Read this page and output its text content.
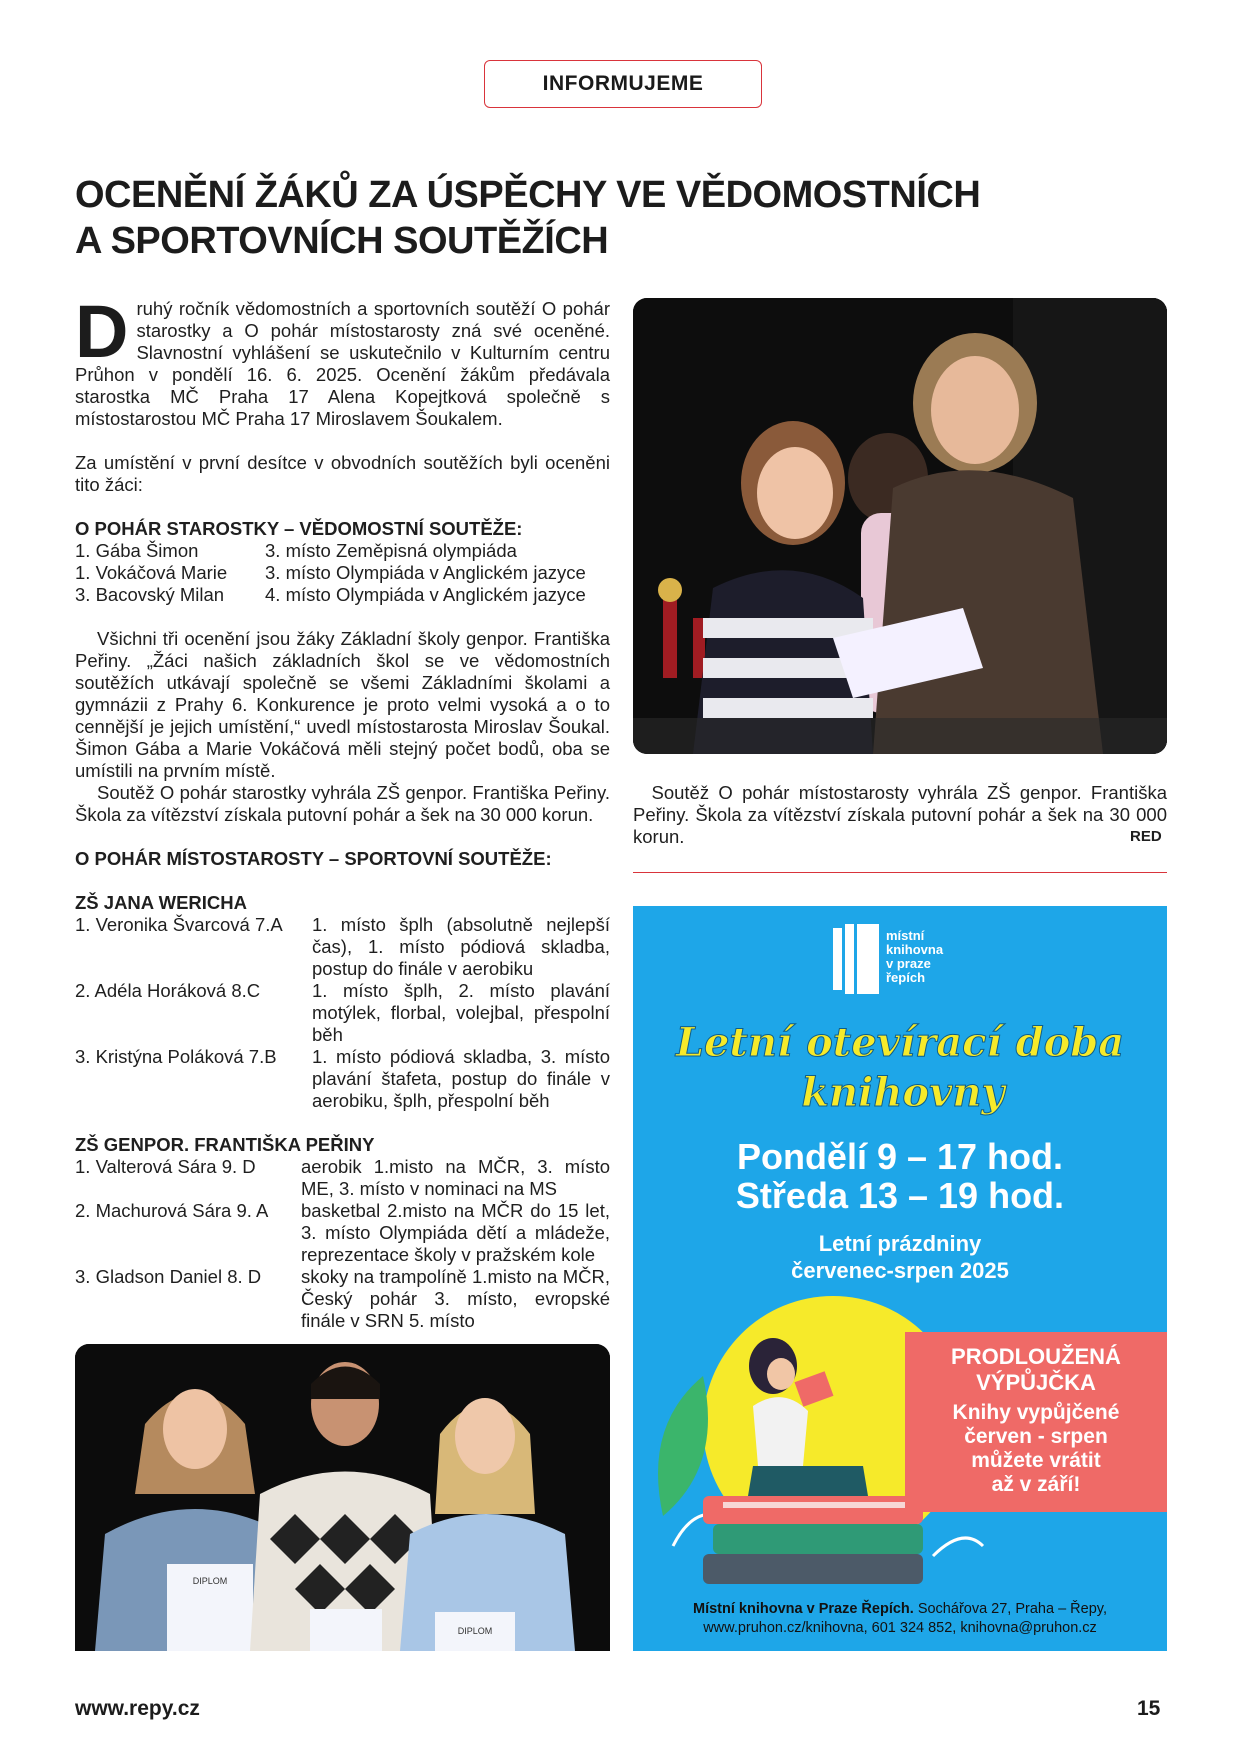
INFORMUJEME
OCENĚNÍ ŽÁKŮ ZA ÚSPĚCHY VE VĚDOMOSTNÍCH
A SPORTOVNÍCH SOUTĚŽÍCH

Druhý ročník vědomostních a sportovních soutěží O pohár starostky a O pohár místostarosty zná své oceněné. Slavnostní vyhlášení se uskutečnilo v Kulturním centru Průhon v pondělí 16. 6. 2025. Ocenění žákům předávala starostka MČ Praha 17 Alena Kopejtková společně s místostarostou MČ Praha 17 Miroslavem Šoukalem.

Za umístění v první desítce v obvodních soutěžích byli oceněni tito žáci:

O POHÁR STAROSTKY – VĚDOMOSTNÍ SOUTĚŽE:

1. Gába Šimon	3. místo Zeměpisná olympiáda
1. Vokáčová Marie	3. místo Olympiáda v Anglickém jazyce
3. Bacovský Milan	4. místo Olympiáda v Anglickém jazyce

Všichni tři ocenění jsou žáky Základní školy genpor. Františka Peřiny. „Žáci našich základních škol se ve vědomostních soutěžích utkávají společně se všemi Základními školami a gymnázii z Prahy 6. Konkurence je proto velmi vysoká a o to cennější je jejich umístění,“ uvedl místostarosta Miroslav Šoukal. Šimon Gába a Marie Vokáčová měli stejný počet bodů, oba se umístili na prvním místě.

Soutěž O pohár starostky vyhrála ZŠ genpor. Františka Peřiny. Škola za vítězství získala putovní pohár a šek na 30 000 korun.

O POHÁR MÍSTOSTAROSTY – SPORTOVNÍ SOUTĚŽE:

ZŠ JANA WERICHA

1. Veronika Švarcová 7.A	1. místo šplh (absolutně nejlepší čas), 1. místo pódiová skladba, postup do finále v aerobiku
2. Adéla Horáková 8.C	1. místo šplh, 2. místo plavání motýlek, florbal, volejbal, přespolní běh
3. Kristýna Poláková 7.B	1. místo pódiová skladba, 3. místo plavání štafeta, postup do finále v aerobiku, šplh, přespolní běh

ZŠ GENPOR. FRANTIŠKA PEŘINY

1. Valterová Sára 9. D	aerobik 1.misto na MČR, 3. místo ME, 3. místo v nominaci na MS
2. Machurová Sára 9. A	basketbal 2.misto na MČR do 15 let, 3. místo Olympiáda dětí a mládeže, reprezentace školy v pražském kole
3. Gladson Daniel 8. D	skoky na trampolíně 1.misto na MČR, Český pohár 3. místo, evropské finále v SRN 5. místo

 Soutěž O pohár místostarosty vyhrála ZŠ genpor. Františka Peřiny. Škola za vítězství získala putovní pohár a šek na 30 000 korun.	RED
DIPLOM
DIPLOM
místní
knihovna
v praze
řepích
Letní otevírací doba
knihovny
Pondělí 9 – 17 hod.
Středa 13 – 19 hod.
Letní prázdniny
červenec-srpen 2025
PRODLOUŽENÁ
VÝPŮJČKA
Knihy vypůjčené
červen - srpen
můžete vrátit
až v září!
Místní knihovna v Praze Řepích. Sochářova 27, Praha – Řepy,
www.pruhon.cz/knihovna, 601 324 852, knihovna@pruhon.cz
www.repy.cz	15
